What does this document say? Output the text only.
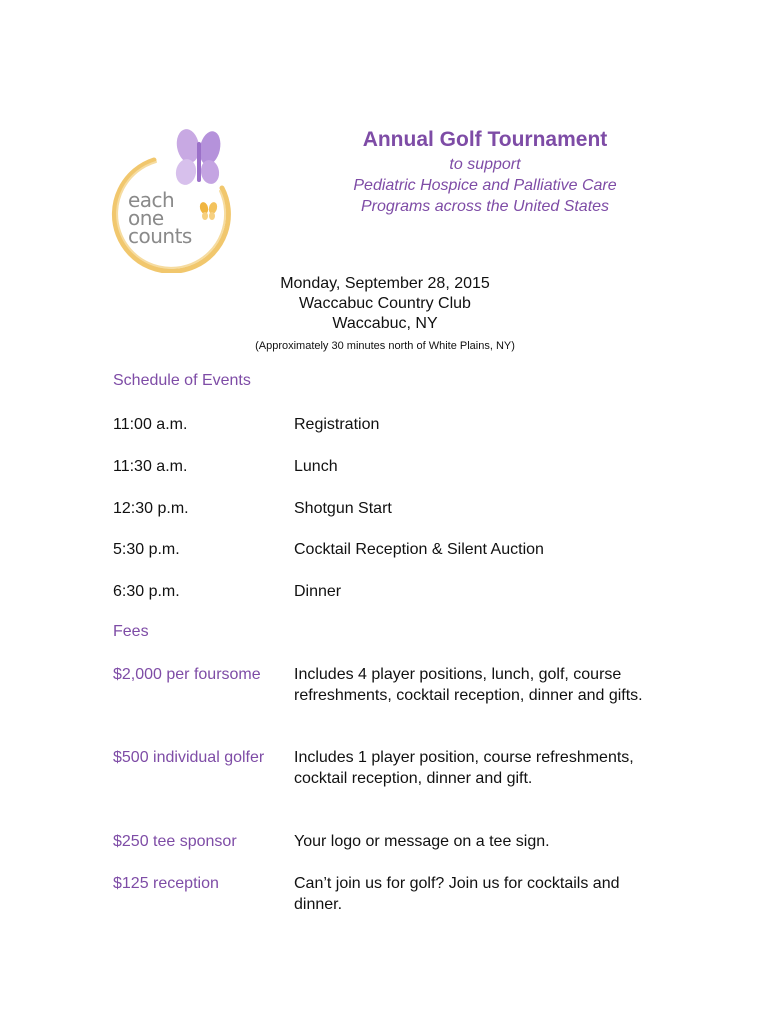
each
one
counts
Annual Golf Tournament
to support
Pediatric Hospice and Palliative Care
Programs across the United States
Monday, September 28, 2015
Waccabuc Country Club
Waccabuc, NY
(Approximately 30 minutes north of White Plains, NY)
Schedule of Events
11:00 a.m.	Registration
11:30 a.m.	Lunch
12:30 p.m.	Shotgun Start
5:30 p.m.	Cocktail Reception & Silent Auction
6:30 p.m.	Dinner
Fees
$2,000 per foursome	Includes 4 player positions, lunch, golf, course refreshments, cocktail reception, dinner and gifts.
$500 individual golfer	Includes 1 player position, course refreshments, cocktail reception, dinner and gift.
$250 tee sponsor	Your logo or message on a tee sign.
$125 reception	Can’t join us for golf? Join us for cocktails and dinner.
